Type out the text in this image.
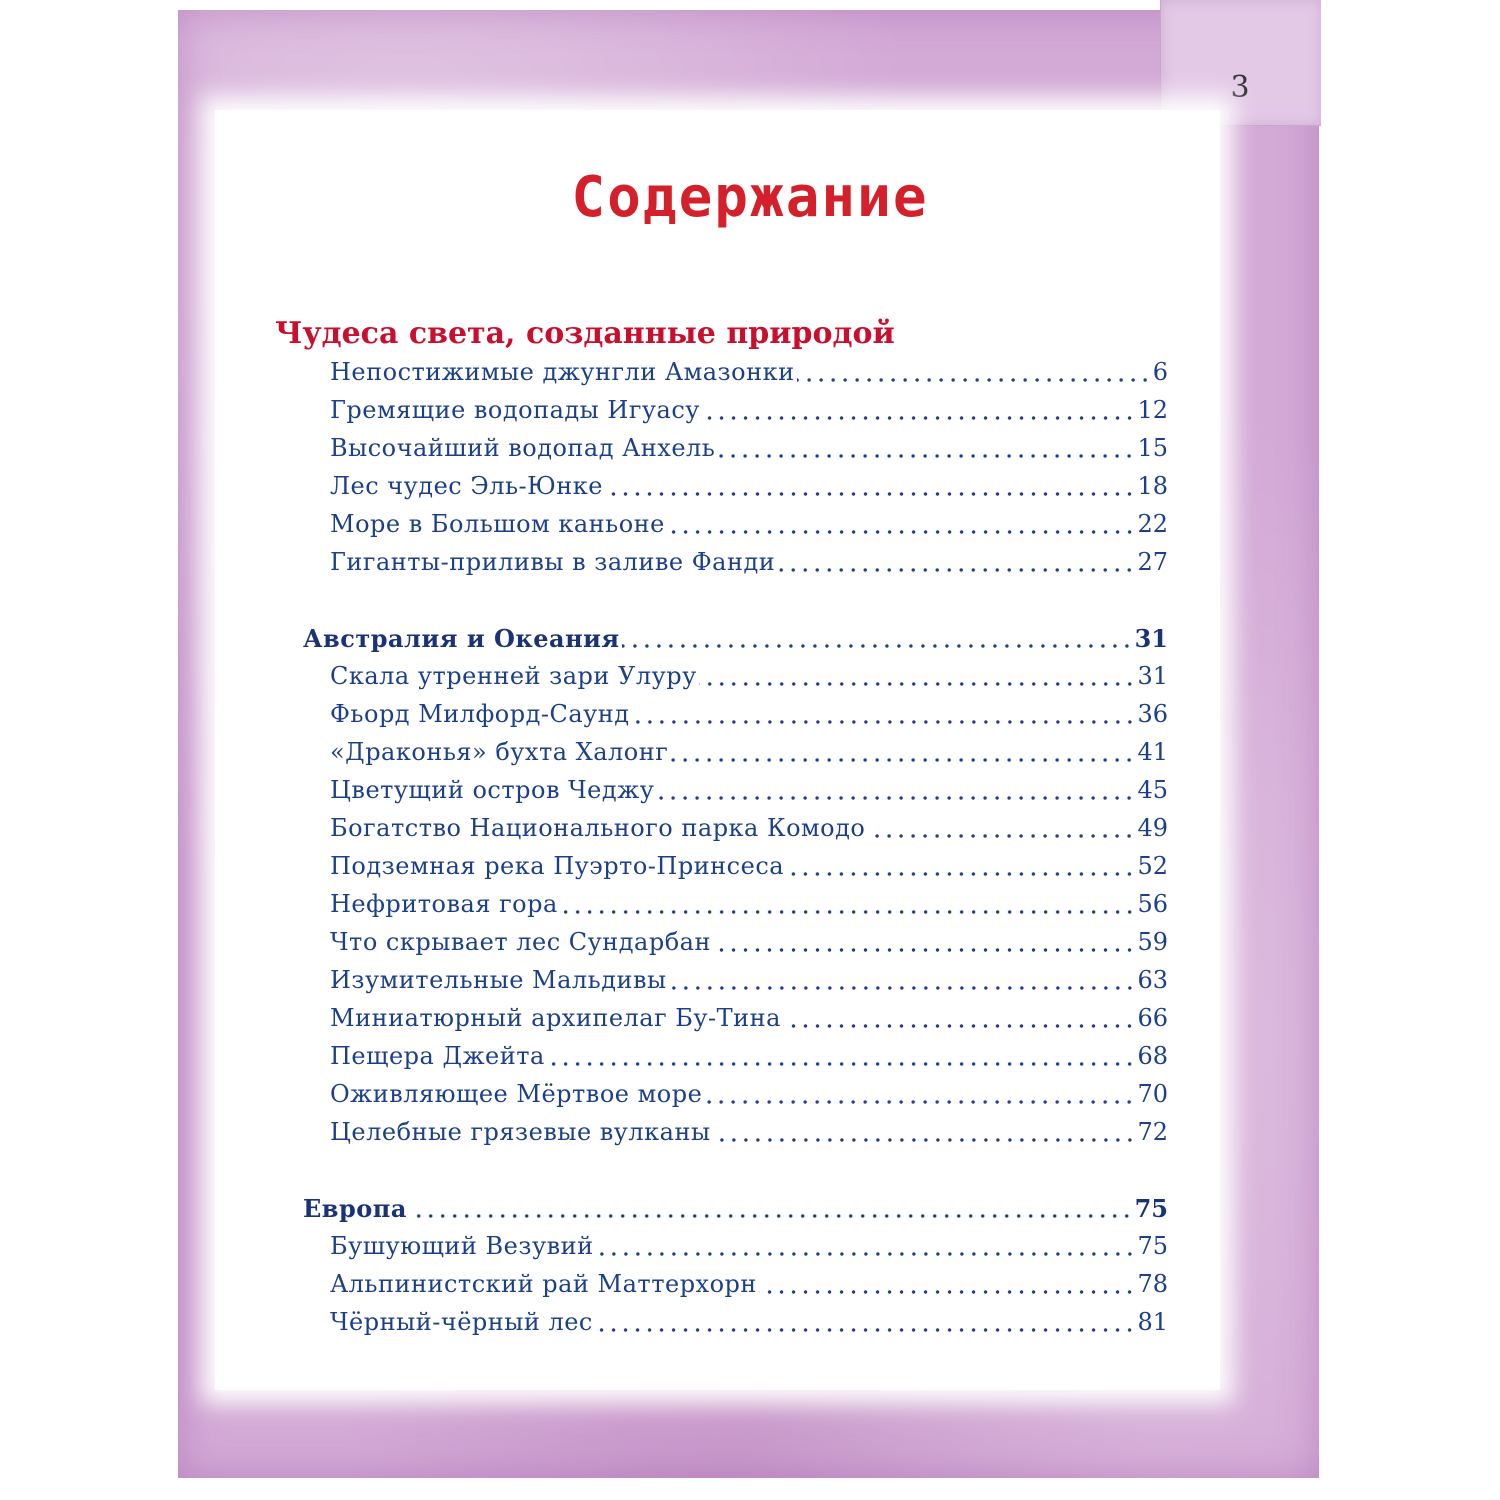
3
Содержание
Чудеса света, созданные природой
Непостижимые джунгли Амазонки	6
Гремящие водопады Игуасу	12
Высочайший водопад Анхель	15
Лес чудес Эль-Юнке	18
Море в Большом каньоне	22
Гиганты-приливы в заливе Фанди	27
Австралия и Океания	31
Скала утренней зари Улуру	31
Фьорд Милфорд-Саунд	36
«Драконья» бухта Халонг	41
Цветущий остров Чеджу	45
Богатство Национального парка Комодо	49
Подземная река Пуэрто-Принсеса	52
Нефритовая гора	56
Что скрывает лес Сундарбан	59
Изумительные Мальдивы	63
Миниатюрный архипелаг Бу-Тина	66
Пещера Джейта	68
Оживляющее Мёртвое море	70
Целебные грязевые вулканы	72
Европа	75
Бушующий Везувий	75
Альпинистский рай Маттерхорн	78
Чёрный-чёрный лес	81
